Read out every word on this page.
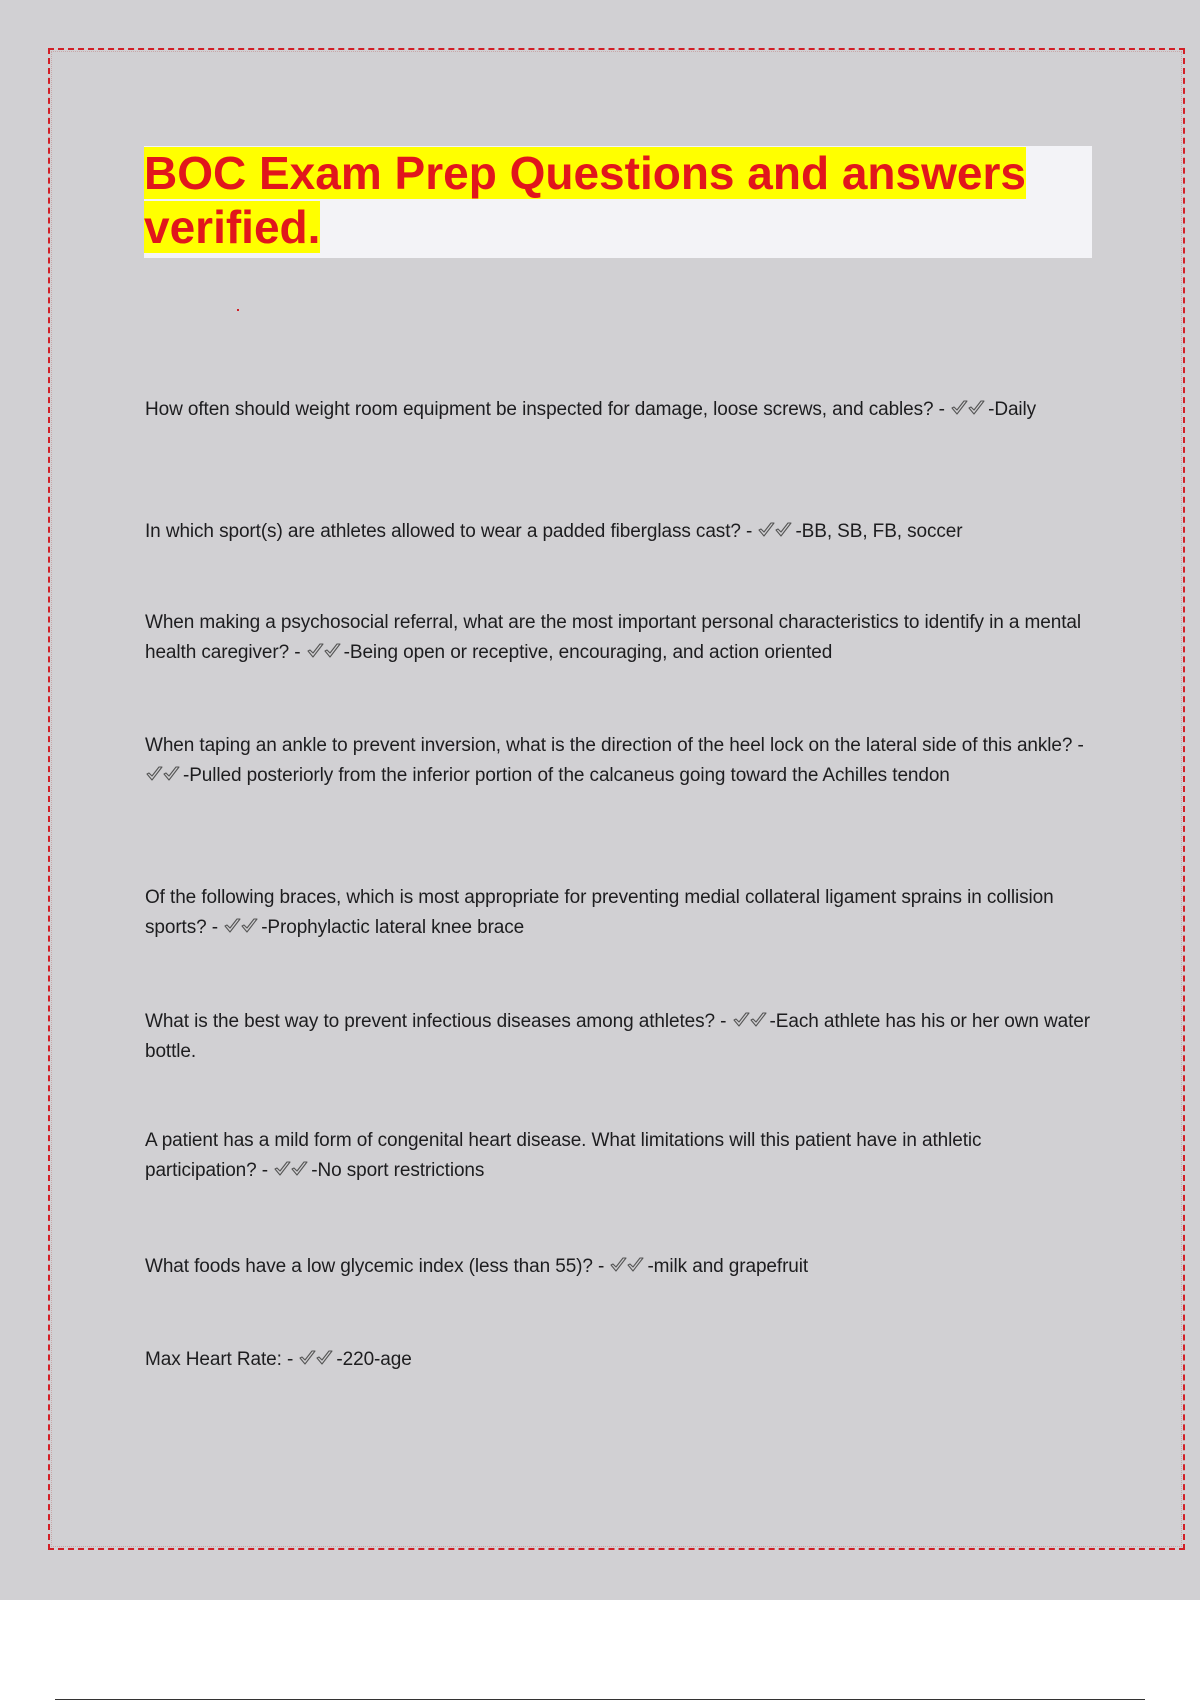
BOC Exam Prep Questions and answers verified.
How often should weight room equipment be inspected for damage, loose screws, and cables? - -Daily
In which sport(s) are athletes allowed to wear a padded fiberglass cast? - -BB, SB, FB, soccer
When making a psychosocial referral, what are the most important personal characteristics to identify in a mental health caregiver? - -Being open or receptive, encouraging, and action oriented
When taping an ankle to prevent inversion, what is the direction of the heel lock on the lateral side of this ankle? - -Pulled posteriorly from the inferior portion of the calcaneus going toward the Achilles tendon
Of the following braces, which is most appropriate for preventing medial collateral ligament sprains in collision sports? - -Prophylactic lateral knee brace
What is the best way to prevent infectious diseases among athletes? - -Each athlete has his or her own water bottle.
A patient has a mild form of congenital heart disease. What limitations will this patient have in athletic participation? - -No sport restrictions
What foods have a low glycemic index (less than 55)? - -milk and grapefruit
Max Heart Rate: - -220-age
